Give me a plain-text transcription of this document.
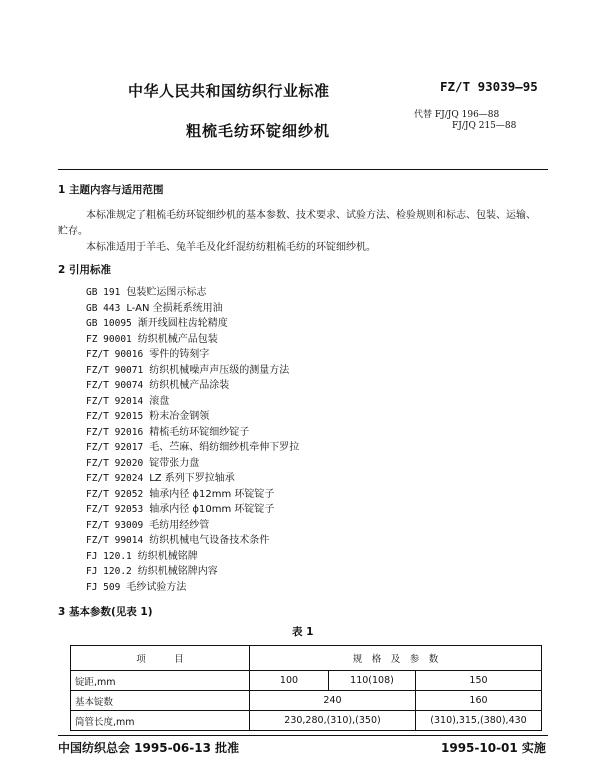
中华人民共和国纺织行业标准	FZ/T 93039—95
粗梳毛纺环锭细纱机
代替 FJ/JQ 196—88
FJ/JQ 215—88
1 主题内容与适用范围
本标准规定了粗梳毛纺环锭细纱机的基本参数、技术要求、试验方法、检验规则和标志、包装、运输、
贮存。
本标准适用于羊毛、兔羊毛及化纤混纺纺粗梳毛纺的环锭细纱机。
2 引用标准
GB 191 包装贮运图示标志
GB 443 L-AN 全损耗系统用油
GB 10095 渐开线圆柱齿轮精度
FZ 90001 纺织机械产品包装
FZ/T 90016 零件的铸刻字
FZ/T 90071 纺织机械噪声声压级的测量方法
FZ/T 90074 纺织机械产品涂装
FZ/T 92014 滚盘
FZ/T 92015 粉末冶金钢领
FZ/T 92016 精梳毛纺环锭细纱锭子
FZ/T 92017 毛、苎麻、绢纺细纱机牵伸下罗拉
FZ/T 92020 锭带张力盘
FZ/T 92024 LZ 系列下罗拉轴承
FZ/T 92052 轴承内径 ϕ12mm 环锭锭子
FZ/T 92053 轴承内径 ϕ10mm 环锭锭子
FZ/T 93009 毛纺用经纱管
FZ/T 99014 纺织机械电气设备技术条件
FJ 120.1 纺织机械铭牌
FJ 120.2 纺织机械铭牌内容
FJ 509 毛纱试验方法
3 基本参数(见表 1)
表 1
项　　　目	规　格　及　参　数		
锭距,mm	100	110(108)	150
基本锭数	240		160
筒管长度,mm	230,280,(310),(350)		(310),315,(380),430
中国纺织总会 1995-06-13 批准	1995-10-01 实施
